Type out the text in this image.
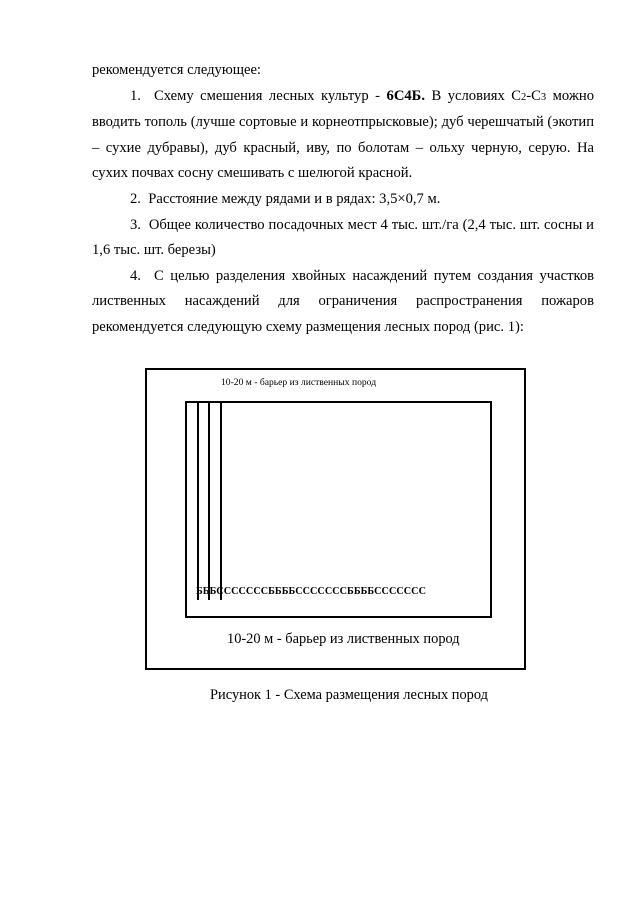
рекомендуется следующее:

1. Схему смешения лесных культур - 6С4Б. В условиях С2-С3 можно вводить тополь (лучше сортовые и корнеотпрысковые); дуб черешчатый (экотип – сухие дубравы), дуб красный, иву, по болотам – ольху черную, серую. На сухих почвах сосну смешивать с шелюгой красной.

2. Расстояние между рядами и в рядах: 3,5×0,7 м.

3. Общее количество посадочных мест 4 тыс. шт./га (2,4 тыс. шт. сосны и 1,6 тыс. шт. березы)

4. С целью разделения хвойных насаждений путем создания участков лиственных насаждений для ограничения распространения пожаров рекомендуется следующую схему размещения лесных пород (рис. 1):

10-20 м - барьер из лиственных пород
БББСССССССББББСССССССББББССССССС
10-20 м - барьер из лиственных пород
Рисунок 1 - Схема размещения лесных пород
